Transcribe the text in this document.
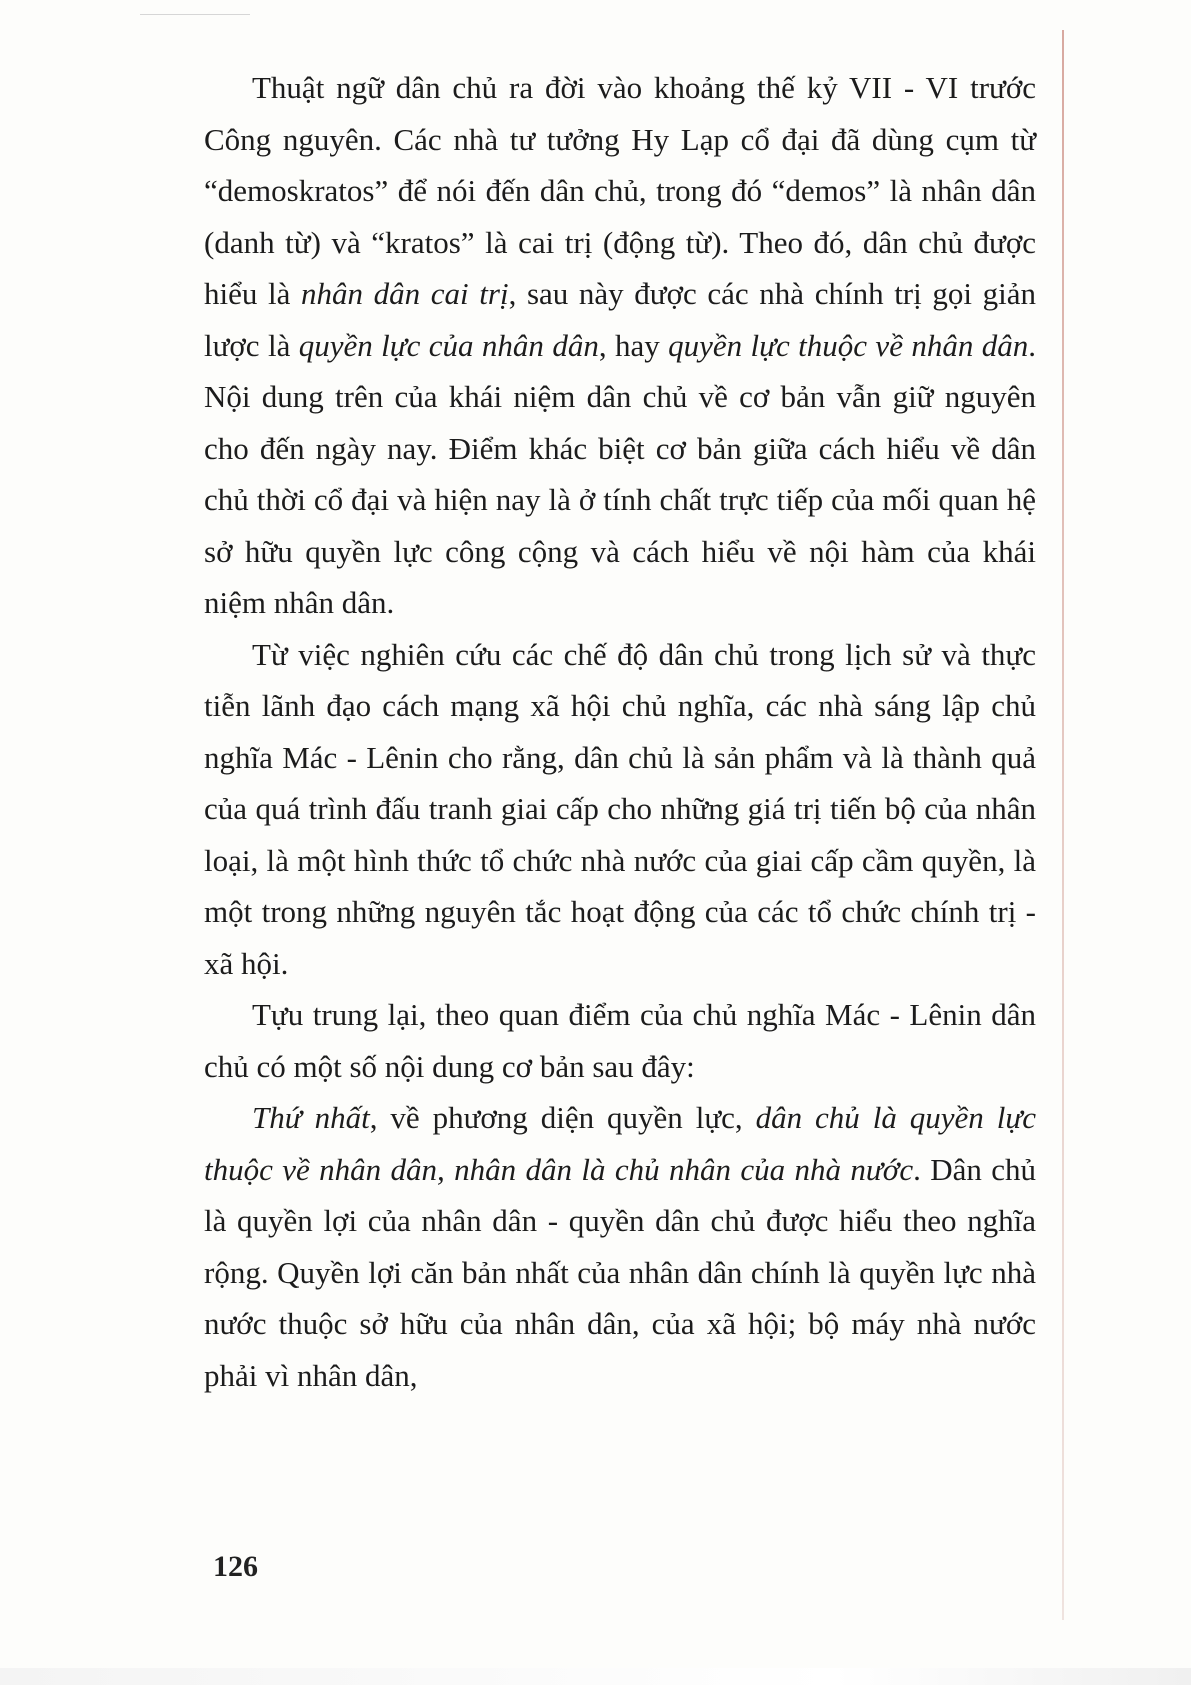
Thuật ngữ dân chủ ra đời vào khoảng thế kỷ VII - VI trước Công nguyên. Các nhà tư tưởng Hy Lạp cổ đại đã dùng cụm từ “demoskratos” để nói đến dân chủ, trong đó “demos” là nhân dân (danh từ) và “kratos” là cai trị (động từ). Theo đó, dân chủ được hiểu là nhân dân cai trị, sau này được các nhà chính trị gọi giản lược là quyền lực của nhân dân, hay quyền lực thuộc về nhân dân. Nội dung trên của khái niệm dân chủ về cơ bản vẫn giữ nguyên cho đến ngày nay. Điểm khác biệt cơ bản giữa cách hiểu về dân chủ thời cổ đại và hiện nay là ở tính chất trực tiếp của mối quan hệ sở hữu quyền lực công cộng và cách hiểu về nội hàm của khái niệm nhân dân.

Từ việc nghiên cứu các chế độ dân chủ trong lịch sử và thực tiễn lãnh đạo cách mạng xã hội chủ nghĩa, các nhà sáng lập chủ nghĩa Mác - Lênin cho rằng, dân chủ là sản phẩm và là thành quả của quá trình đấu tranh giai cấp cho những giá trị tiến bộ của nhân loại, là một hình thức tổ chức nhà nước của giai cấp cầm quyền, là một trong những nguyên tắc hoạt động của các tổ chức chính trị - xã hội.

Tựu trung lại, theo quan điểm của chủ nghĩa Mác - Lênin dân chủ có một số nội dung cơ bản sau đây:

Thứ nhất, về phương diện quyền lực, dân chủ là quyền lực thuộc về nhân dân, nhân dân là chủ nhân của nhà nước. Dân chủ là quyền lợi của nhân dân - quyền dân chủ được hiểu theo nghĩa rộng. Quyền lợi căn bản nhất của nhân dân chính là quyền lực nhà nước thuộc sở hữu của nhân dân, của xã hội; bộ máy nhà nước phải vì nhân dân,

126
